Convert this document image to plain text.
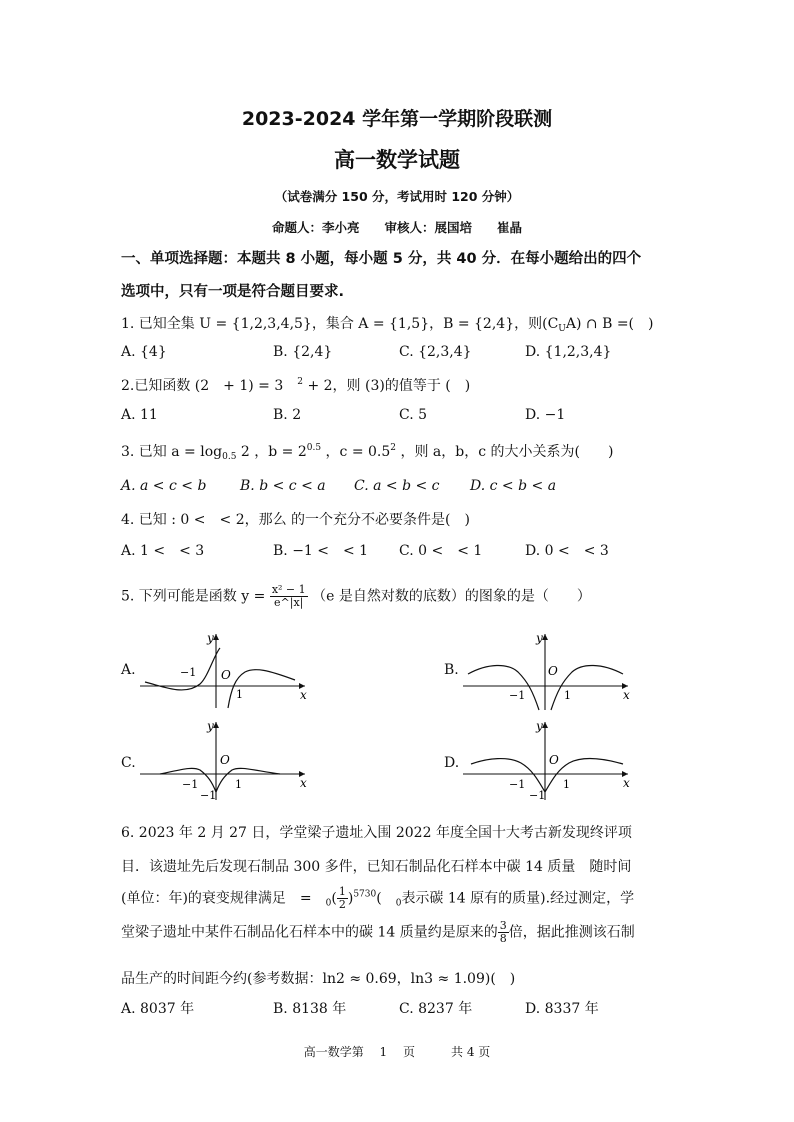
2023-2024 学年第一学期阶段联测
高一数学试题
（试卷满分 150 分，考试用时 120 分钟）
命题人：李小亮　　审核人：展国培　　崔晶
一、单项选择题：本题共 8 小题，每小题 5 分，共 40 分．在每小题给出的四个
选项中，只有一项是符合题目要求.
1. 已知全集 U = {1,2,3,4,5}，集合 A = {1,5}，B = {2,4}，则$(C_UA)$ ∩ B =(　)
A. {4}	B. {2,4}	C. {2,3,4}	D. {1,2,3,4}
2.已知函数 (2　+ 1) = 3　$^2$ + 2，则 (3)的值等于 (　)
A. 11	B. 2	C. 5	D. −1
3. 已知 $a = \log_{0.5} 2$ ，$b = 2^{0.5}$ ，$c = 0.5^2$ ，则 a，b，c 的大小关系为(　　)
A. a < c < b B. b < c < a C. a < b < c D. c < b < a
4. 已知 : 0 <　< 2，那么 的一个充分不必要条件是(　)
A. 1 <　< 3	B. −1 <　< 1 C. 0 <　< 1	D. 0 <　< 3
5. 下列可能是函数 $y = \frac{\text{x² − 1}}{e\^{}|x|} (e$ 是自然对数的底数）的图象的是（　　）
A.
x
y
O
−1
1
B.
x
y
O
−1	1
C.
x
y
O
−1	1
−1
D.
x
y
O
−1	1
−1
6. 2023 年 2 月 27 日，学堂梁子遗址入围 2022 年度全国十大考古新发现终评项
目．该遗址先后发现石制品 300 多件，已知石制品化石样本中碳 14 质量　随时间
(单位：年)的衰变规律满足　=　$_0( \frac{1}{2} )^{5730}$(　$_0$表示碳 14 原有的质量).经过测定，学
堂梁子遗址中某件石制品化石样本中的碳 14 质量约是原来的 $\frac{3}{8}$ 倍，据此推测该石制
品生产的时间距今约(参考数据：ln2 ≈ 0.69，ln3 ≈ 1.09)(　)
A. 8037 年	B. 8138 年	C. 8237 年	D. 8337 年
高一数学第　 1　 页　　　共 4 页
